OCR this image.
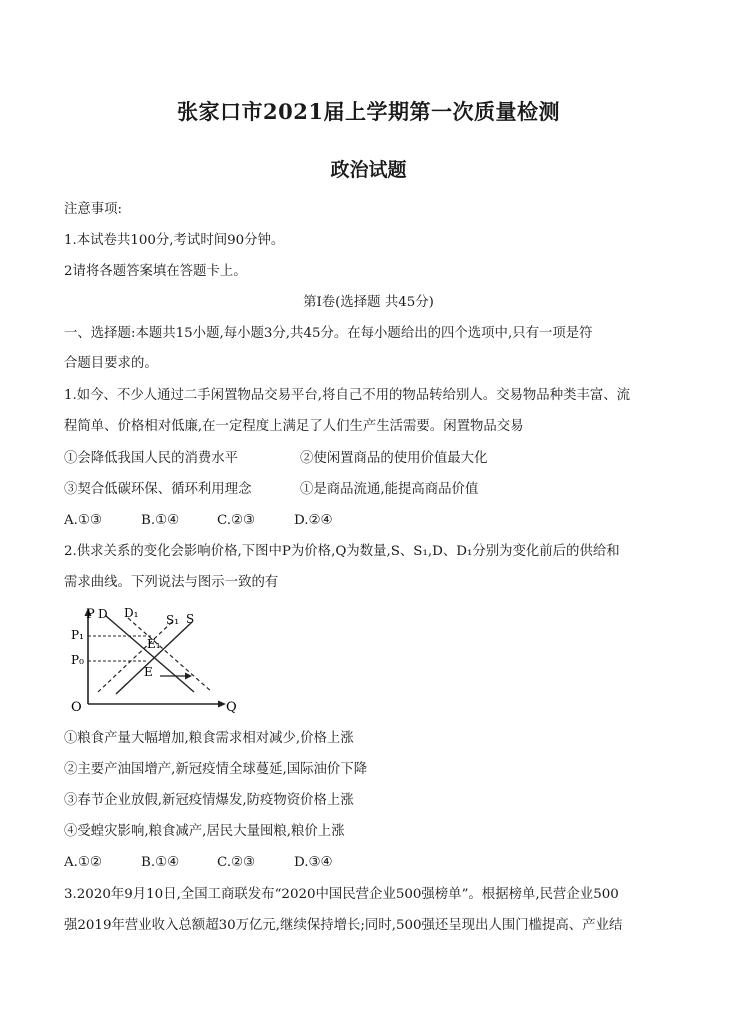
张家口市2021届上学期第一次质量检测
政治试题
注意事项:
1.本试卷共100分,考试时间90分钟。
2请将各题答案填在答题卡上。
第Ⅰ卷(选择题 共45分)
一、选择题:本题共15小题,每小题3分,共45分。在每小题给出的四个选项中,只有一项是符
合题目要求的。
1.如今、不少人通过二手闲置物品交易平台,将自己不用的物品转给别人。交易物品种类丰富、流
程简单、价格相对低廉,在一定程度上满足了人们生产生活需要。闲置物品交易
①会降低我国人民的消费水平	②使闲置商品的使用价值最大化
③契合低碳环保、循环利用理念	①是商品流通,能提高商品价值
A.①③	B.①④	C.②③	D.②④
2.供求关系的变化会影响价格,下图中P为价格,Q为数量,S、S₁,D、D₁分别为变化前后的供给和
需求曲线。下列说法与图示一致的有
P
Q
O
P₁
P₀
D D₁ S₁ S
E₁
E
①粮食产量大幅增加,粮食需求相对减少,价格上涨
②主要产油国增产,新冠疫情全球蔓延,国际油价下降
③春节企业放假,新冠疫情爆发,防疫物资价格上涨
④受蝗灾影响,粮食减产,居民大量囤粮,粮价上涨
A.①②	B.①④	C.②③	D.③④
3.2020年9月10日,全国工商联发布“2020中国民营企业500强榜单”。根据榜单,民营企业500
强2019年营业收入总额超30万亿元,继续保持增长;同时,500强还呈现出人围门槛提高、产业结
